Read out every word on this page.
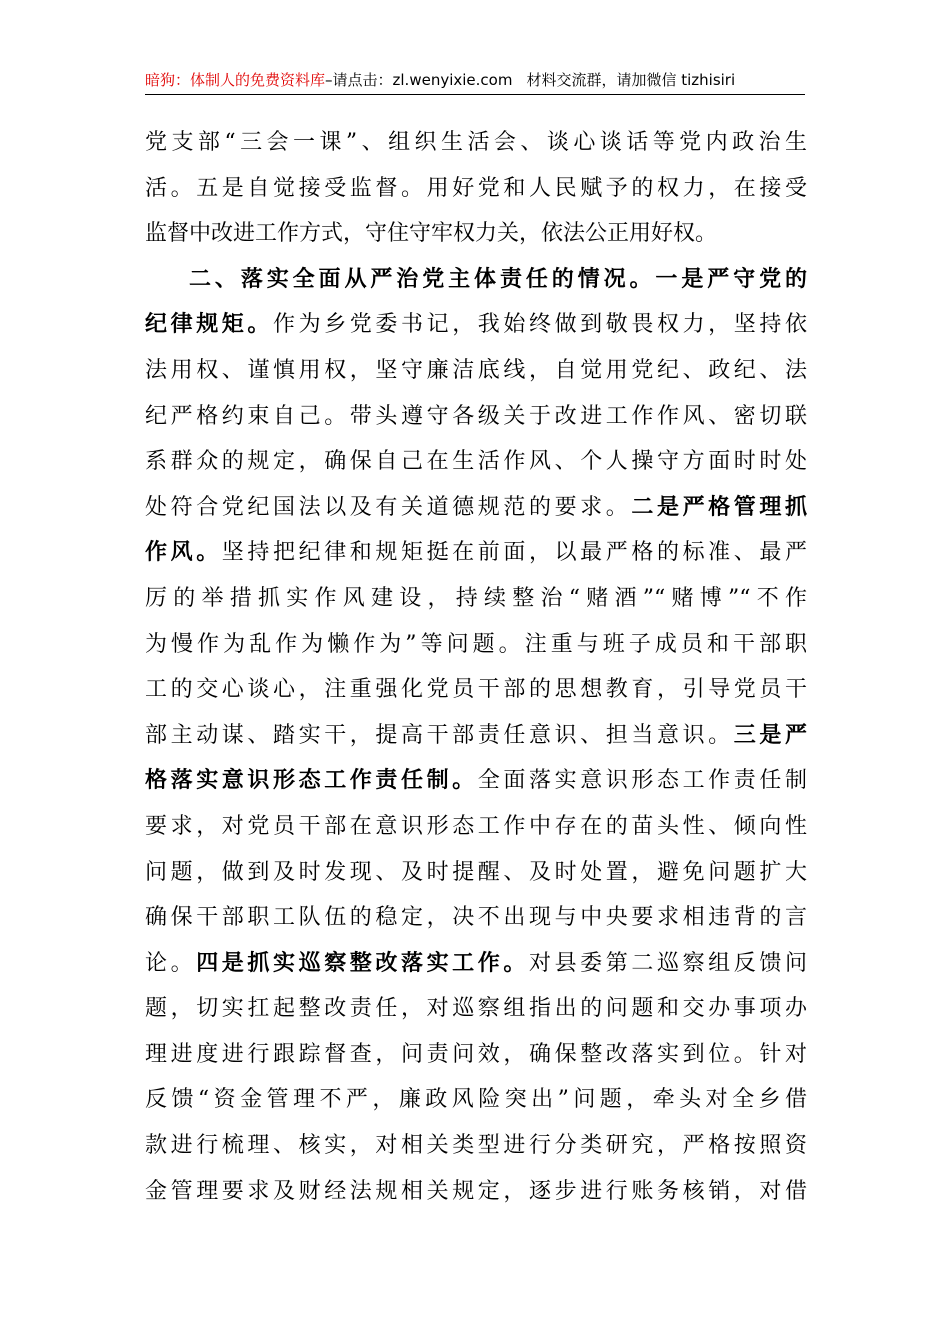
暗狗：体制人的免费资料库–请点击：zl.wenyixie.com 材料交流群，请加微信 tizhisiri
党支部“三会一课”、组织生活会、谈心谈话等党内政治生
活。五是自觉接受监督。用好党和人民赋予的权力，在接受
监督中改进工作方式，守住守牢权力关，依法公正用好权。
二、落实全面从严治党主体责任的情况。一是严守党的
纪律规矩。作为乡党委书记，我始终做到敬畏权力，坚持依
法用权、谨慎用权，坚守廉洁底线，自觉用党纪、政纪、法
纪严格约束自己。带头遵守各级关于改进工作作风、密切联
系群众的规定，确保自己在生活作风、个人操守方面时时处
处符合党纪国法以及有关道德规范的要求。二是严格管理抓
作风。坚持把纪律和规矩挺在前面，以最严格的标准、最严
厉的举措抓实作风建设，持续整治“赌酒”“赌博”“不作
为慢作为乱作为懒作为”等问题。注重与班子成员和干部职
工的交心谈心，注重强化党员干部的思想教育，引导党员干
部主动谋、踏实干，提高干部责任意识、担当意识。三是严
格落实意识形态工作责任制。全面落实意识形态工作责任制
要求，对党员干部在意识形态工作中存在的苗头性、倾向性
问题，做到及时发现、及时提醒、及时处置，避免问题扩大
确保干部职工队伍的稳定，决不出现与中央要求相违背的言
论。四是抓实巡察整改落实工作。对县委第二巡察组反馈问
题，切实扛起整改责任，对巡察组指出的问题和交办事项办
理进度进行跟踪督查，问责问效，确保整改落实到位。针对
反馈“资金管理不严，廉政风险突出”问题，牵头对全乡借
款进行梳理、核实，对相关类型进行分类研究，严格按照资
金管理要求及财经法规相关规定，逐步进行账务核销，对借
